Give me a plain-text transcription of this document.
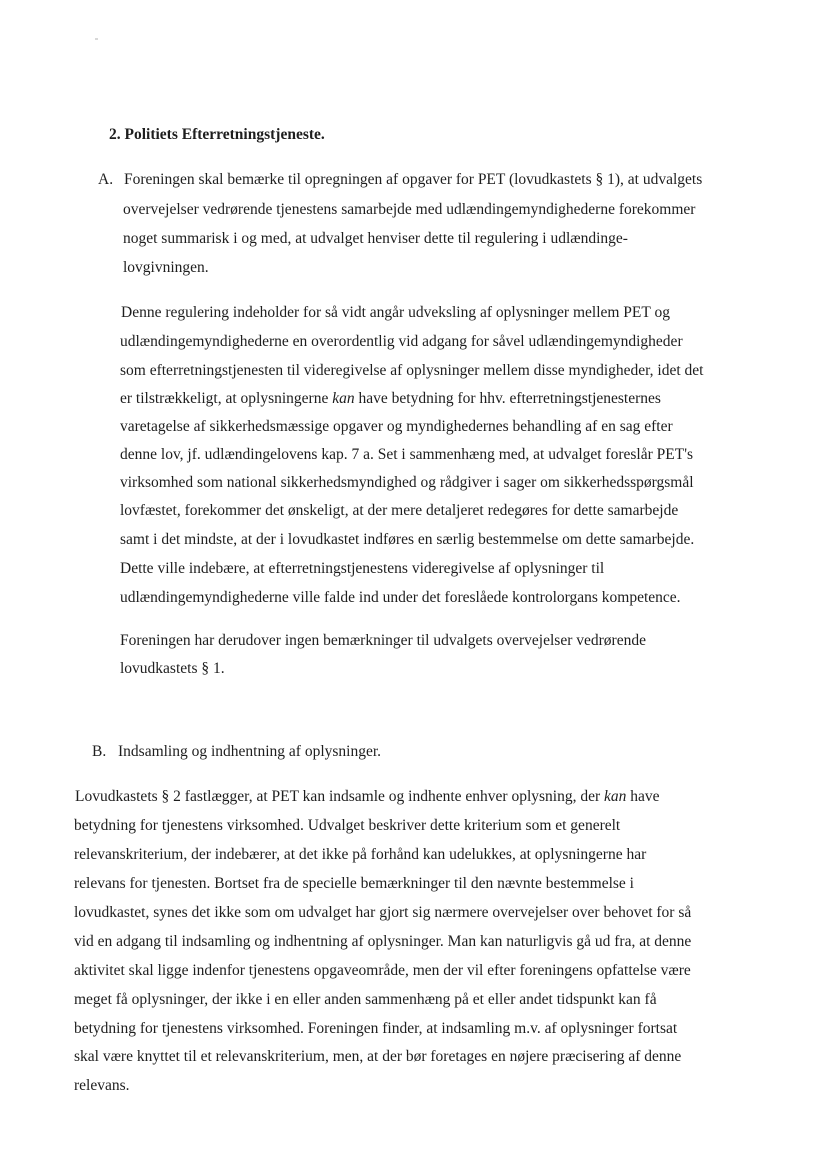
2. Politiets Efterretningstjeneste.
A. Foreningen skal bemærke til opregningen af opgaver for PET (lovudkastets § 1), at udvalgets
overvejelser vedrørende tjenestens samarbejde med udlændingemyndighederne forekommer
noget summarisk i og med, at udvalget henviser dette til regulering i udlændinge-
lovgivningen.
Denne regulering indeholder for så vidt angår udveksling af oplysninger mellem PET og
udlændingemyndighederne en overordentlig vid adgang for såvel udlændingemyndigheder
som efterretningstjenesten til videregivelse af oplysninger mellem disse myndigheder, idet det
er tilstrækkeligt, at oplysningerne kan have betydning for hhv. efterretningstjenesternes
varetagelse af sikkerhedsmæssige opgaver og myndighedernes behandling af en sag efter
denne lov, jf. udlændingelovens kap. 7 a. Set i sammenhæng med, at udvalget foreslår PET's
virksomhed som national sikkerhedsmyndighed og rådgiver i sager om sikkerhedsspørgsmål
lovfæstet, forekommer det ønskeligt, at der mere detaljeret redegøres for dette samarbejde
samt i det mindste, at der i lovudkastet indføres en særlig bestemmelse om dette samarbejde.
Dette ville indebære, at efterretningstjenestens videregivelse af oplysninger til
udlændingemyndighederne ville falde ind under det foreslåede kontrolorgans kompetence.
Foreningen har derudover ingen bemærkninger til udvalgets overvejelser vedrørende
lovudkastets § 1.
B. Indsamling og indhentning af oplysninger.
Lovudkastets § 2 fastlægger, at PET kan indsamle og indhente enhver oplysning, der kan have
betydning for tjenestens virksomhed. Udvalget beskriver dette kriterium som et generelt
relevanskriterium, der indebærer, at det ikke på forhånd kan udelukkes, at oplysningerne har
relevans for tjenesten. Bortset fra de specielle bemærkninger til den nævnte bestemmelse i
lovudkastet, synes det ikke som om udvalget har gjort sig nærmere overvejelser over behovet for så
vid en adgang til indsamling og indhentning af oplysninger. Man kan naturligvis gå ud fra, at denne
aktivitet skal ligge indenfor tjenestens opgaveområde, men der vil efter foreningens opfattelse være
meget få oplysninger, der ikke i en eller anden sammenhæng på et eller andet tidspunkt kan få
betydning for tjenestens virksomhed. Foreningen finder, at indsamling m.v. af oplysninger fortsat
skal være knyttet til et relevanskriterium, men, at der bør foretages en nøjere præcisering af denne
relevans.
